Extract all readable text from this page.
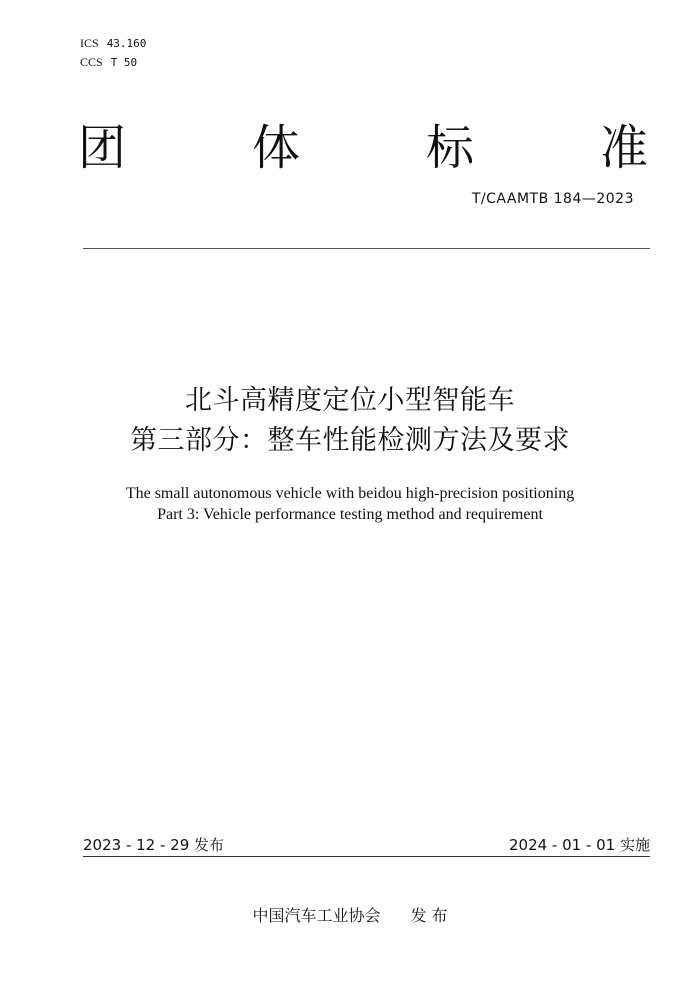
ICS 43.160
CCS T 50
团	体	标	准
T/CAAMTB 184—2023
北斗高精度定位小型智能车
第三部分：整车性能检测方法及要求
The small autonomous vehicle with beidou high-precision positioning
Part 3: Vehicle performance testing method and requirement
2023 - 12 - 29 发布	2024 - 01 - 01 实施
中国汽车工业协会 发 布
